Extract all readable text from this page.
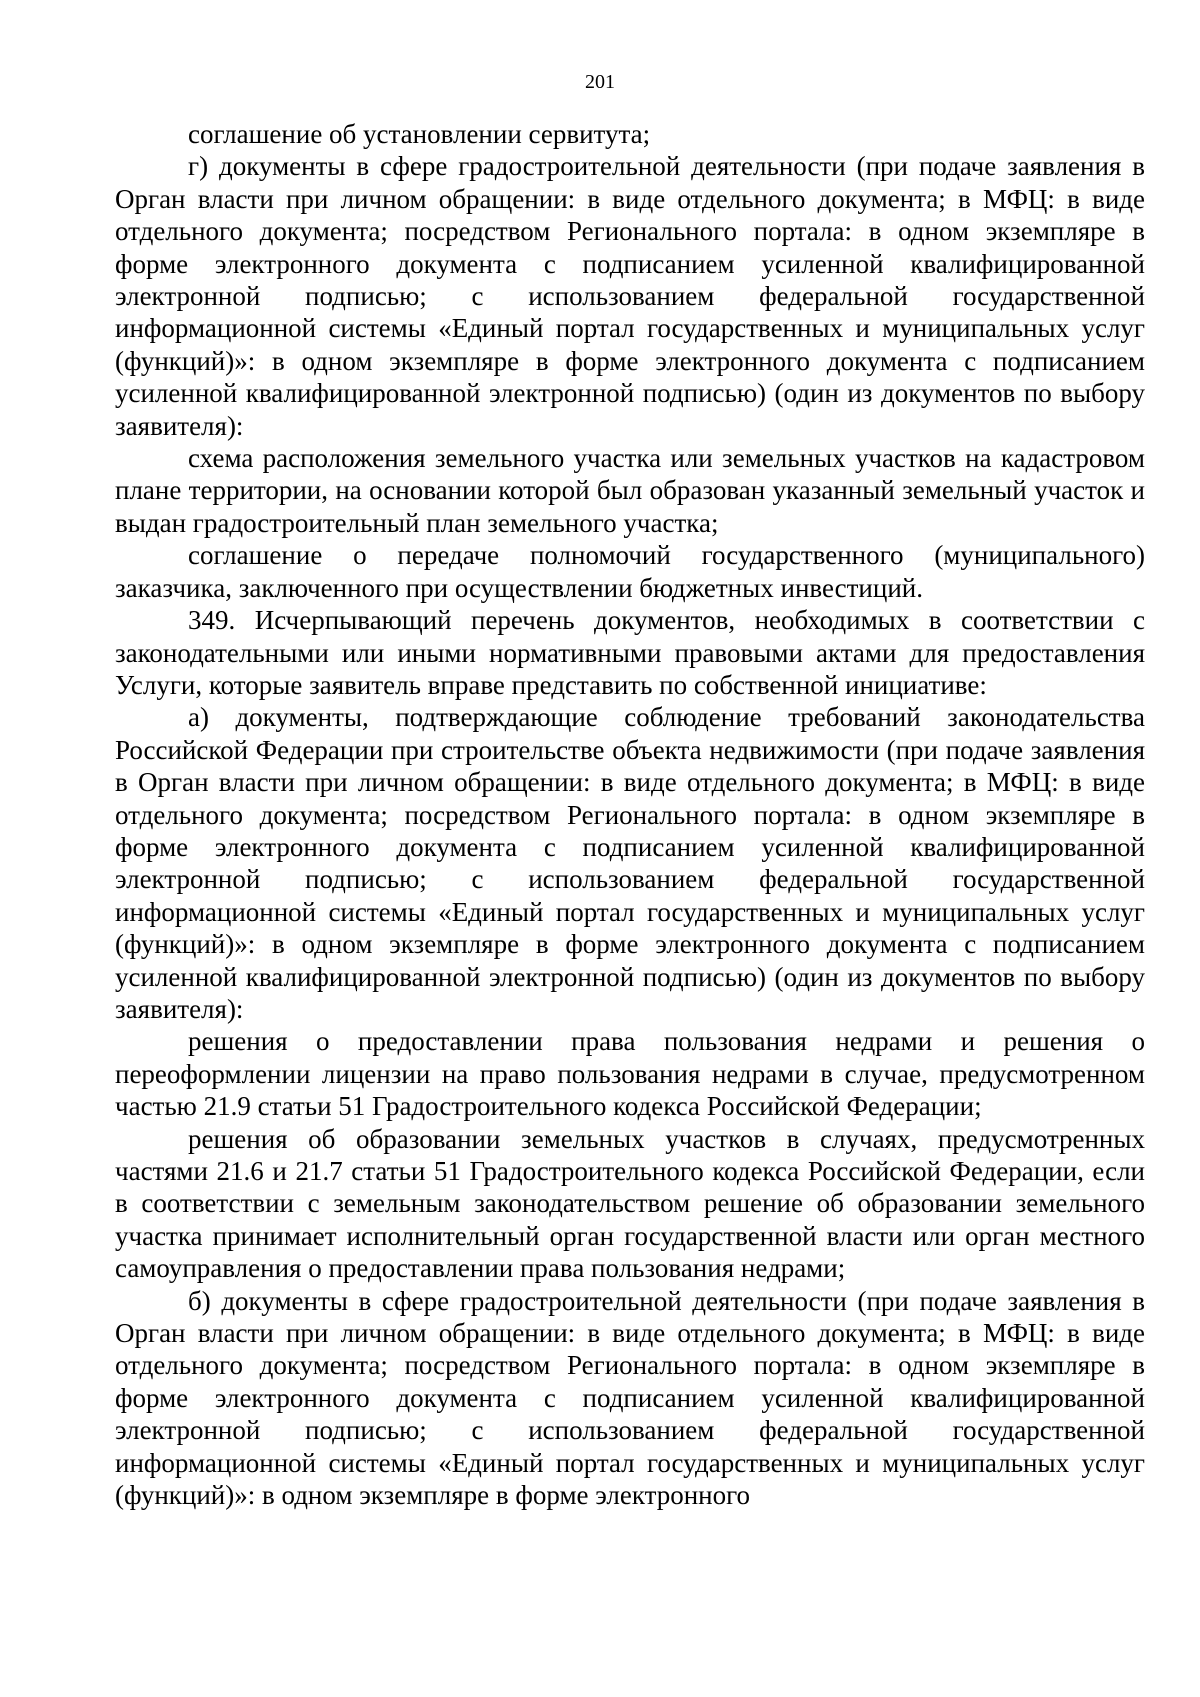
201

соглашение об установлении сервитута;

г) документы в сфере градостроительной деятельности (при подаче заявления в Орган власти при личном обращении: в виде отдельного документа; в МФЦ: в виде отдельного документа; посредством Регионального портала: в одном экземпляре в форме электронного документа с подписанием усиленной квалифицированной электронной подписью; с использованием федеральной государственной информационной системы «Единый портал государственных и муниципальных услуг (функций)»: в одном экземпляре в форме электронного документа с подписанием усиленной квалифицированной электронной подписью) (один из документов по выбору заявителя):

схема расположения земельного участка или земельных участков на кадастровом плане территории, на основании которой был образован указанный земельный участок и выдан градостроительный план земельного участка;

соглашение о передаче полномочий государственного (муниципального) заказчика, заключенного при осуществлении бюджетных инвестиций.

349. Исчерпывающий перечень документов, необходимых в соответствии с законодательными или иными нормативными правовыми актами для предоставления Услуги, которые заявитель вправе представить по собственной инициативе:

а) документы, подтверждающие соблюдение требований законодательства Российской Федерации при строительстве объекта недвижимости (при подаче заявления в Орган власти при личном обращении: в виде отдельного документа; в МФЦ: в виде отдельного документа; посредством Регионального портала: в одном экземпляре в форме электронного документа с подписанием усиленной квалифицированной электронной подписью; с использованием федеральной государственной информационной системы «Единый портал государственных и муниципальных услуг (функций)»: в одном экземпляре в форме электронного документа с подписанием усиленной квалифицированной электронной подписью) (один из документов по выбору заявителя):

решения о предоставлении права пользования недрами и решения о переоформлении лицензии на право пользования недрами в случае, предусмотренном частью 21.9 статьи 51 Градостроительного кодекса Российской Федерации;

решения об образовании земельных участков в случаях, предусмотренных частями 21.6 и 21.7 статьи 51 Градостроительного кодекса Российской Федерации, если в соответствии с земельным законодательством решение об образовании земельного участка принимает исполнительный орган государственной власти или орган местного самоуправления о предоставлении права пользования недрами;

б) документы в сфере градостроительной деятельности (при подаче заявления в Орган власти при личном обращении: в виде отдельного документа; в МФЦ: в виде отдельного документа; посредством Регионального портала: в одном экземпляре в форме электронного документа с подписанием усиленной квалифицированной электронной подписью; с использованием федеральной государственной информационной системы «Единый портал государственных и муниципальных услуг (функций)»: в одном экземпляре в форме электронного
